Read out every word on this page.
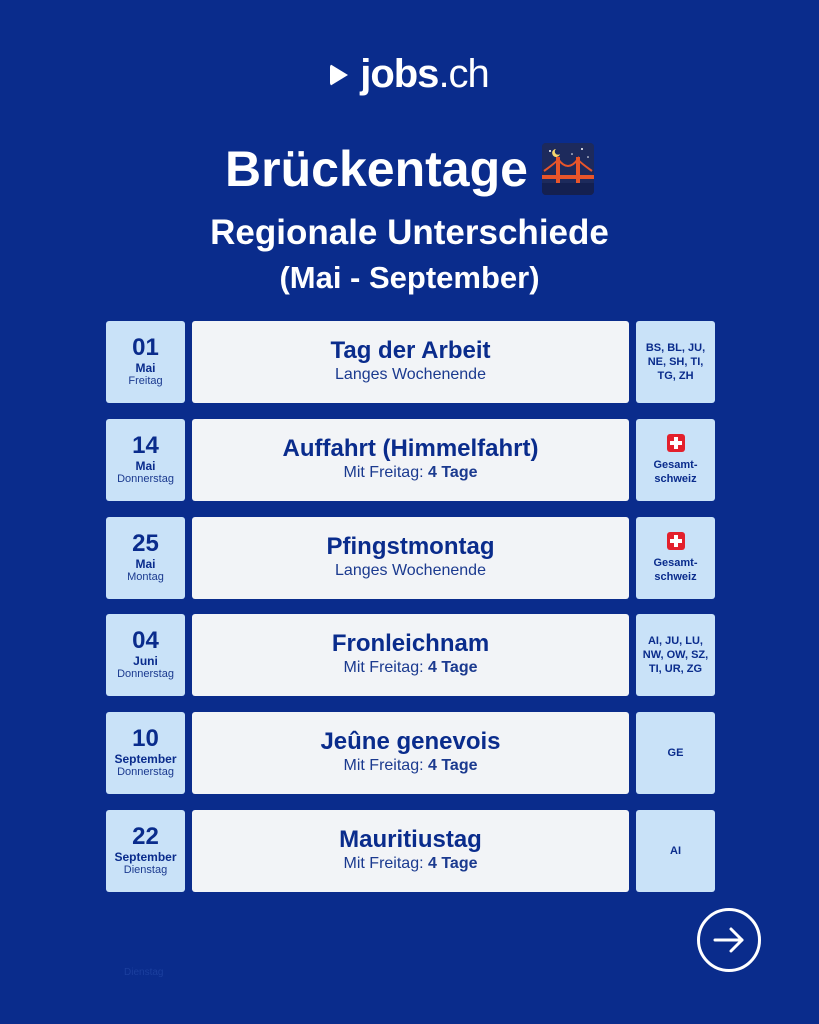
jobs.ch
Brückentage
Regionale Unterschiede
(Mai - September)
01
Mai
Freitag
Tag der Arbeit
Langes Wochenende
BS, BL, JU, NE, SH, TI, TG, ZH
14
Mai
Donnerstag
Auffahrt (Himmelfahrt)
Mit Freitag: 4 Tage	Gesamt-schweiz
25
Mai
Montag
Pfingstmontag
Langes Wochenende	Gesamt-schweiz
04
Juni
Donnerstag
Fronleichnam
Mit Freitag: 4 Tage
AI, JU, LU, NW, OW, SZ, TI, UR, ZG
10
September
Donnerstag
Jeûne genevois
Mit Freitag: 4 Tage
GE
22
September
Dienstag
Mauritiustag
Mit Freitag: 4 Tage
AI
Dienstag
